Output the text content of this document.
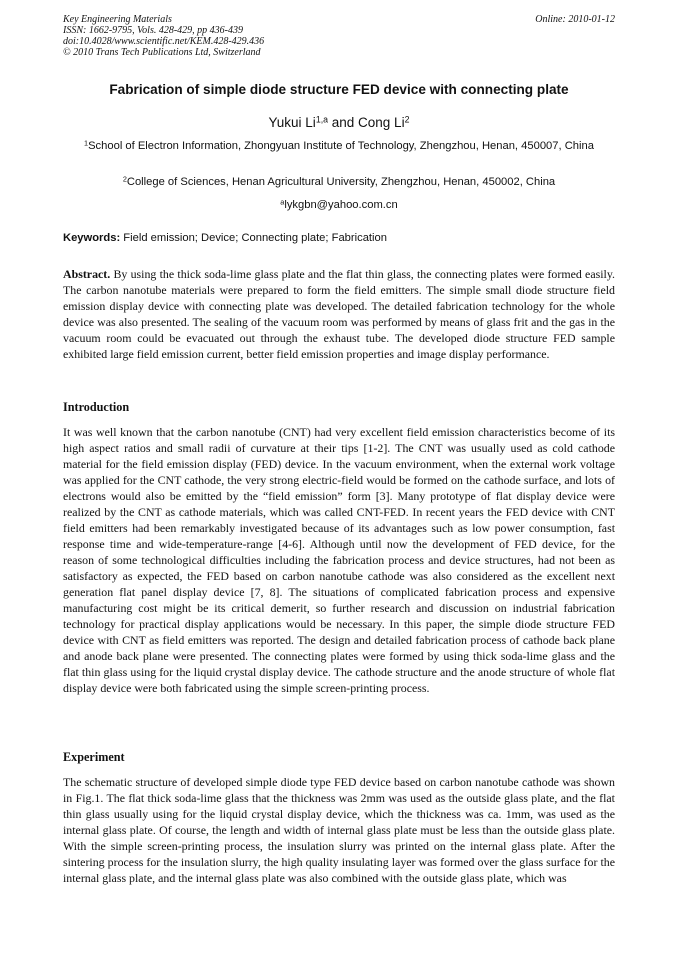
Key Engineering Materials
ISSN: 1662-9795, Vols. 428-429, pp 436-439
doi:10.4028/www.scientific.net/KEM.428-429.436
© 2010 Trans Tech Publications Ltd, Switzerland
Online: 2010-01-12
Fabrication of simple diode structure FED device with connecting plate
Yukui Li$^{1,a}$ and Cong Li$^2$
$^1$School of Electron Information, Zhongyuan Institute of Technology, Zhengzhou, Henan, 450007, China
$^2$College of Sciences, Henan Agricultural University, Zhengzhou, Henan, 450002, China
$^a$lykgbn@yahoo.com.cn
Keywords: Field emission; Device; Connecting plate; Fabrication
Abstract. By using the thick soda-lime glass plate and the flat thin glass, the connecting plates were formed easily. The carbon nanotube materials were prepared to form the field emitters. The simple small diode structure field emission display device with connecting plate was developed. The detailed fabrication technology for the whole device was also presented. The sealing of the vacuum room was performed by means of glass frit and the gas in the vacuum room could be evacuated out through the exhaust tube. The developed diode structure FED sample exhibited large field emission current, better field emission properties and image display performance.
Introduction
It was well known that the carbon nanotube (CNT) had very excellent field emission characteristics become of its high aspect ratios and small radii of curvature at their tips [1-2]. The CNT was usually used as cold cathode material for the field emission display (FED) device. In the vacuum environment, when the external work voltage was applied for the CNT cathode, the very strong electric-field would be formed on the cathode surface, and lots of electrons would also be emitted by the “field emission” form [3]. Many prototype of flat display device were realized by the CNT as cathode materials, which was called CNT-FED. In recent years the FED device with CNT field emitters had been remarkably investigated because of its advantages such as low power consumption, fast response time and wide-temperature-range [4-6]. Although until now the development of FED device, for the reason of some technological difficulties including the fabrication process and device structures, had not been as satisfactory as expected, the FED based on carbon nanotube cathode was also considered as the excellent next generation flat panel display device [7, 8]. The situations of complicated fabrication process and expensive manufacturing cost might be its critical demerit, so further research and discussion on industrial fabrication technology for practical display applications would be necessary. In this paper, the simple diode structure FED device with CNT as field emitters was reported. The design and detailed fabrication process of cathode back plane and anode back plane were presented. The connecting plates were formed by using thick soda-lime glass and the flat thin glass using for the liquid crystal display device. The cathode structure and the anode structure of whole flat display device were both fabricated using the simple screen-printing process.
Experiment
The schematic structure of developed simple diode type FED device based on carbon nanotube cathode was shown in Fig.1. The flat thick soda-lime glass that the thickness was 2mm was used as the outside glass plate, and the flat thin glass usually using for the liquid crystal display device, which the thickness was ca. 1mm, was used as the internal glass plate. Of course, the length and width of internal glass plate must be less than the outside glass plate. With the simple screen-printing process, the insulation slurry was printed on the internal glass plate. After the sintering process for the insulation slurry, the high quality insulating layer was formed over the glass surface for the internal glass plate, and the internal glass plate was also combined with the outside glass plate, which was
